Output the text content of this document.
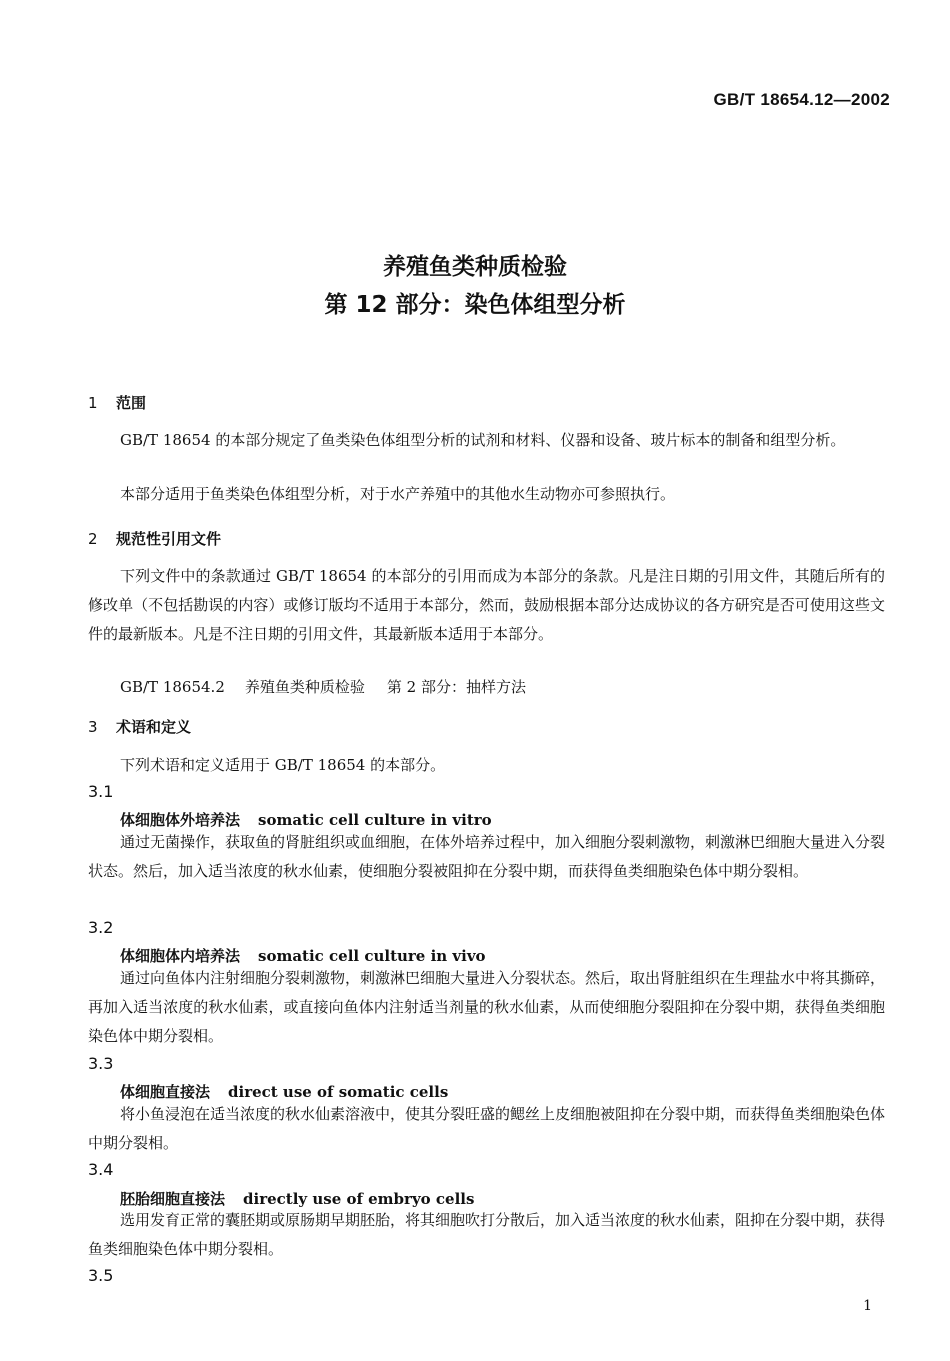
GB/T 18654.12—2002
养殖鱼类种质检验
第 12 部分：染色体组型分析
1 范围

GB/T 18654 的本部分规定了鱼类染色体组型分析的试剂和材料、仪器和设备、玻片标本的制备和组型分析。

本部分适用于鱼类染色体组型分析，对于水产养殖中的其他水生动物亦可参照执行。

2 规范性引用文件

下列文件中的条款通过 GB/T 18654 的本部分的引用而成为本部分的条款。凡是注日期的引用文件，其随后所有的修改单（不包括勘误的内容）或修订版均不适用于本部分，然而，鼓励根据本部分达成协议的各方研究是否可使用这些文件的最新版本。凡是不注日期的引用文件，其最新版本适用于本部分。

GB/T 18654.2 养殖鱼类种质检验 第 2 部分：抽样方法
3 术语和定义
下列术语和定义适用于 GB/T 18654 的本部分。
3.1
体细胞体外培养法 somatic cell culture in vitro

通过无菌操作，获取鱼的肾脏组织或血细胞，在体外培养过程中，加入细胞分裂刺激物，刺激淋巴细胞大量进入分裂状态。然后，加入适当浓度的秋水仙素，使细胞分裂被阻抑在分裂中期，而获得鱼类细胞染色体中期分裂相。

3.2
体细胞体内培养法 somatic cell culture in vivo

通过向鱼体内注射细胞分裂刺激物，刺激淋巴细胞大量进入分裂状态。然后，取出肾脏组织在生理盐水中将其撕碎，再加入适当浓度的秋水仙素，或直接向鱼体内注射适当剂量的秋水仙素，从而使细胞分裂阻抑在分裂中期，获得鱼类细胞染色体中期分裂相。

3.3
体细胞直接法 direct use of somatic cells

将小鱼浸泡在适当浓度的秋水仙素溶液中，使其分裂旺盛的鳃丝上皮细胞被阻抑在分裂中期，而获得鱼类细胞染色体中期分裂相。

3.4
胚胎细胞直接法 directly use of embryo cells

选用发育正常的囊胚期或原肠期早期胚胎，将其细胞吹打分散后，加入适当浓度的秋水仙素，阻抑在分裂中期，获得鱼类细胞染色体中期分裂相。

3.5
1
